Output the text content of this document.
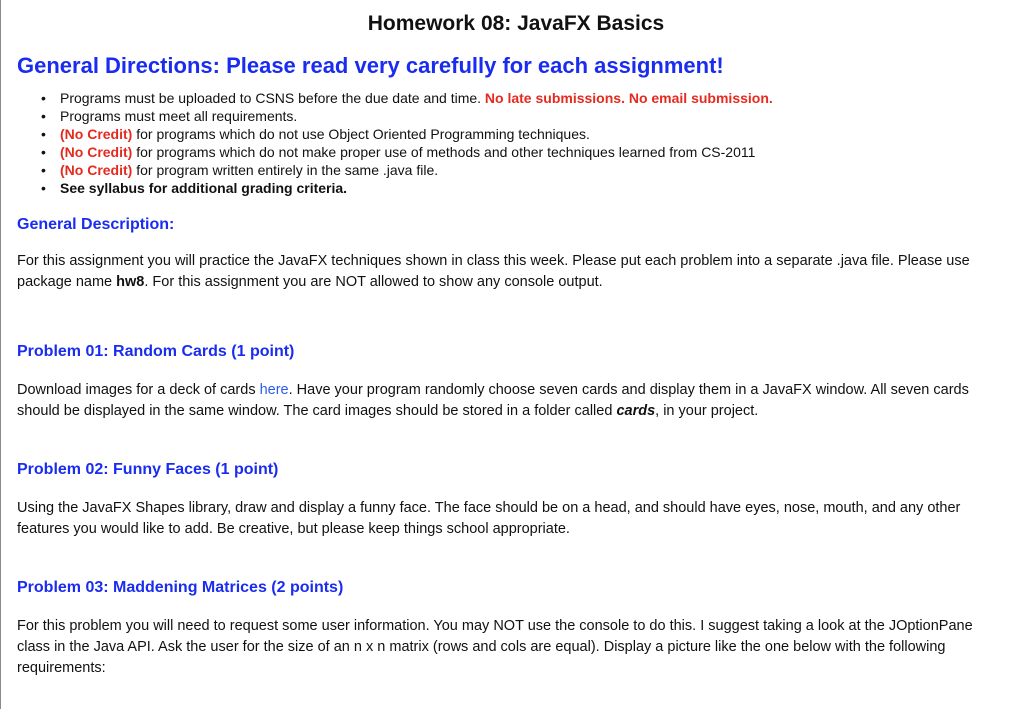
Homework 08: JavaFX Basics
General Directions: Please read very carefully for each assignment!
• Programs must be uploaded to CSNS before the due date and time. No late submissions. No email submission.
• Programs must meet all requirements.
• (No Credit) for programs which do not use Object Oriented Programming techniques.
• (No Credit) for programs which do not make proper use of methods and other techniques learned from CS-2011
• (No Credit) for program written entirely in the same .java file.
• See syllabus for additional grading criteria.
General Description:

For this assignment you will practice the JavaFX techniques shown in class this week. Please put each problem into a separate .java file. Please use package name hw8. For this assignment you are NOT allowed to show any console output.

Problem 01: Random Cards (1 point)

Download images for a deck of cards here. Have your program randomly choose seven cards and display them in a JavaFX window. All seven cards should be displayed in the same window. The card images should be stored in a folder called cards, in your project.

Problem 02: Funny Faces (1 point)

Using the JavaFX Shapes library, draw and display a funny face. The face should be on a head, and should have eyes, nose, mouth, and any other features you would like to add. Be creative, but please keep things school appropriate.

Problem 03: Maddening Matrices (2 points)

For this problem you will need to request some user information. You may NOT use the console to do this. I suggest taking a look at the JOptionPane class in the Java API. Ask the user for the size of an n x n matrix (rows and cols are equal). Display a picture like the one below with the following requirements:
